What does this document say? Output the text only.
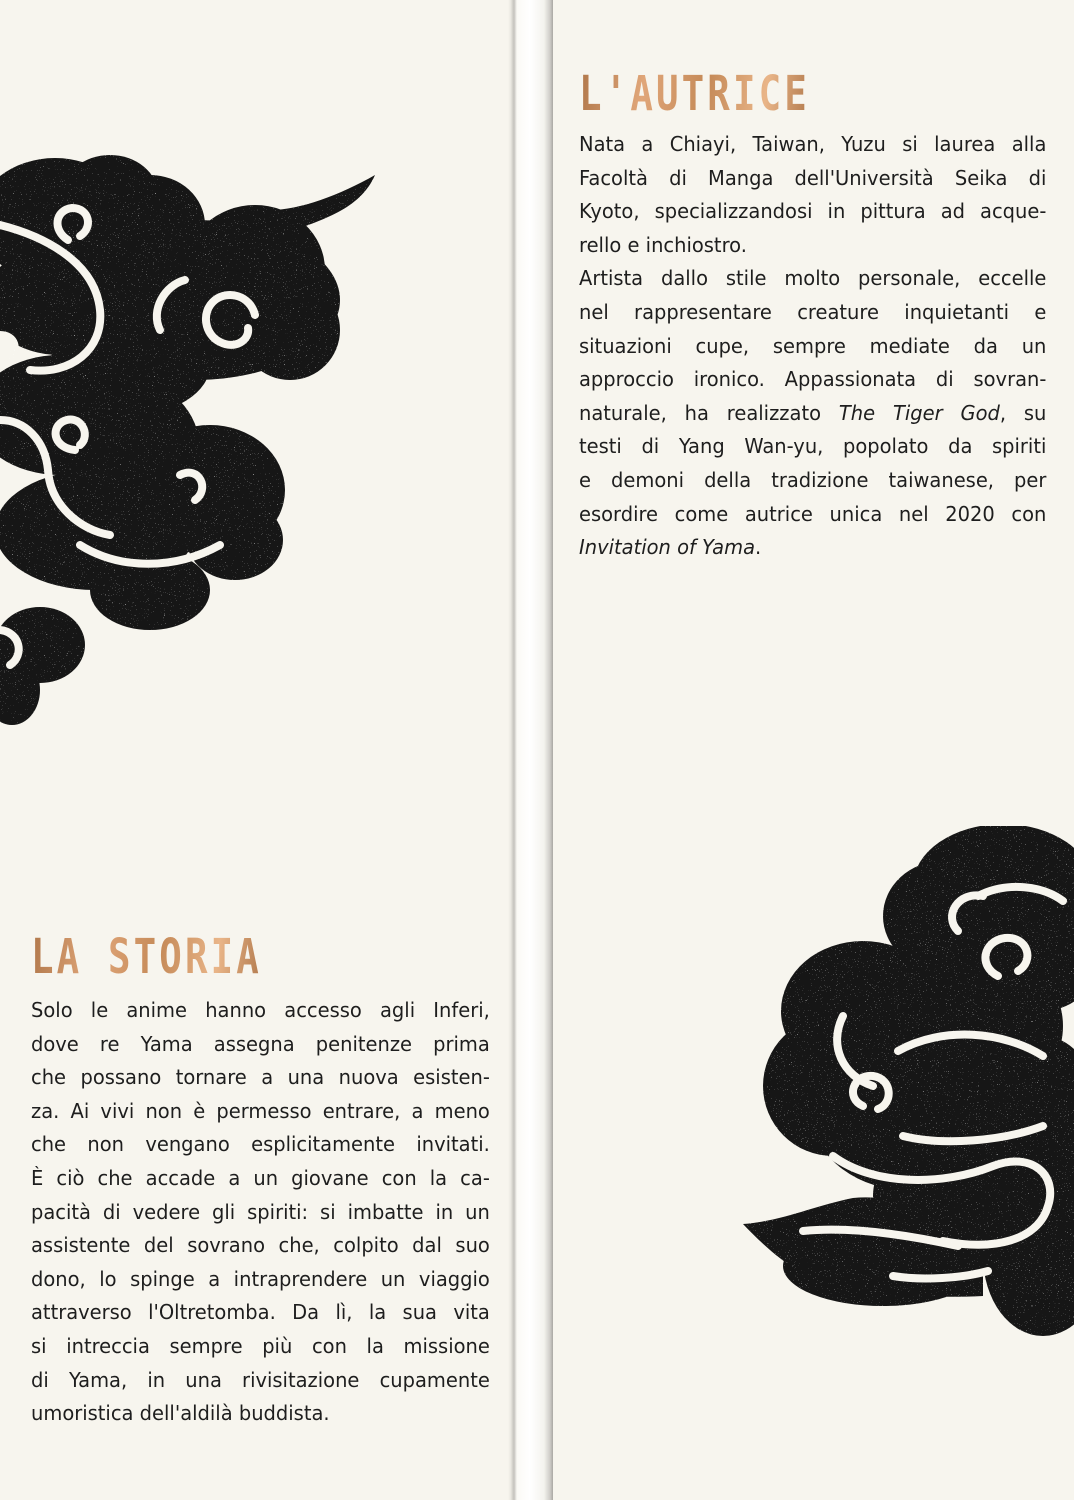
LA STORIA

Solo le anime hanno accesso agli Inferi,
dove re Yama assegna penitenze prima
che possano tornare a una nuova esisten-
za. Ai vivi non è permesso entrare, a meno
che non vengano esplicitamente invitati.
È ciò che accade a un giovane con la ca-
pacità di vedere gli spiriti: si imbatte in un
assistente del sovrano che, colpito dal suo
dono, lo spinge a intraprendere un viaggio
attraverso l'Oltretomba. Da lì, la sua vita
si intreccia sempre più con la missione
di Yama, in una rivisitazione cupamente
umoristica dell'aldilà buddista.

L'AUTRICE

Nata a Chiayi, Taiwan, Yuzu si laurea alla
Facoltà di Manga dell'Università Seika di
Kyoto, specializzandosi in pittura ad acque-
rello e inchiostro.
Artista dallo stile molto personale, eccelle
nel rappresentare creature inquietanti e
situazioni cupe, sempre mediate da un
approccio ironico. Appassionata di sovran-
naturale, ha realizzato The Tiger God, su
testi di Yang Wan-yu, popolato da spiriti
e demoni della tradizione taiwanese, per
esordire come autrice unica nel 2020 con
Invitation of Yama.
